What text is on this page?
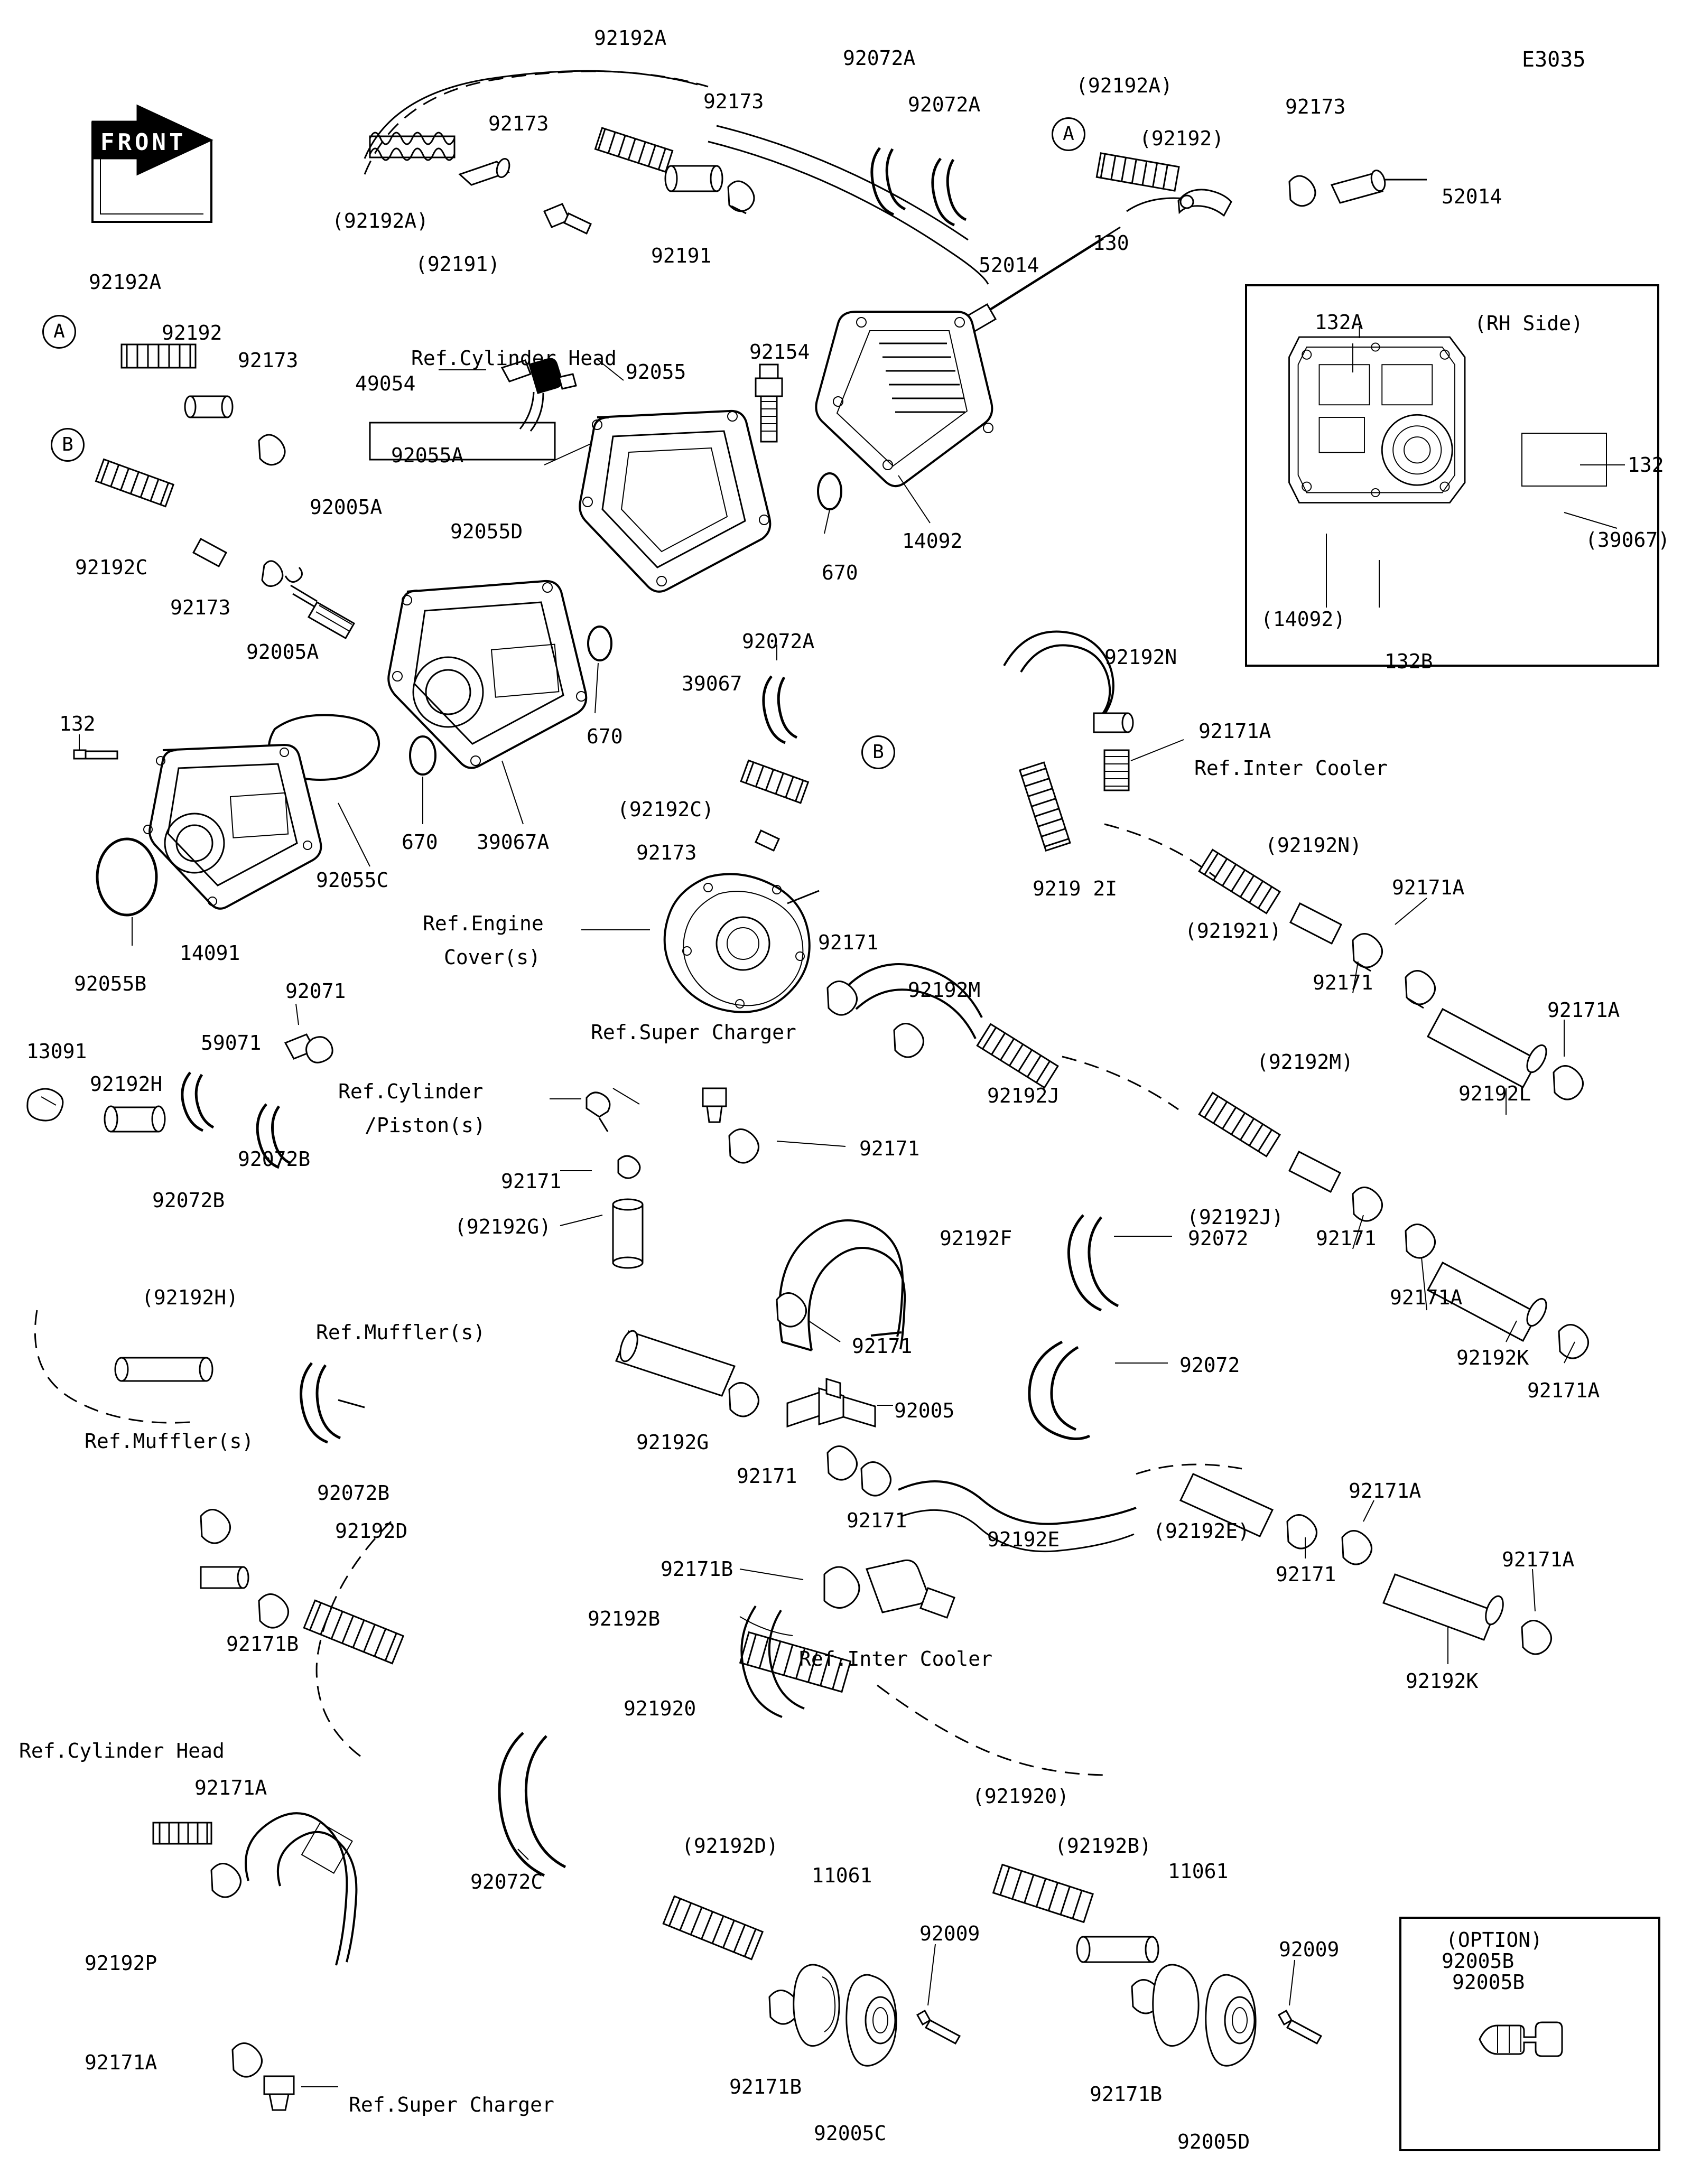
E3035
FRONT
(RH Side)
132A
132
(39067)
(14092)
132B
(OPTION)
92005B
92192A
92072A
(92192A)
92173
92173	92072A
(92192)
92173
52014
(92192A)
92191	52014
130
(92191)
92192A
Ref.Cylinder Head
92192
92173	92154
92055
49054
92055A
92005A
92055D
92192C
92173
92005A
670
14092
92072A
39067
670
132
670 39067A
92055C
(92192C)
92173
92192N
92171A
Ref.Inter Cooler
(92192N)
14091
92055B	92071
13091	59071
92192H
Ref.Engine
Cover(s)
92171
92192M
9219 2I	92171A
92171A
(921921)
92171
92192L
Ref.Super Charger
(92192M)
92192J
Ref.Cylinder
/Piston(s)
92171
92171
(92192G)	92192F	92072
(92192J)
92171
92171A
92192K
92171A
(92192H)
92072B
92072B
Ref.Muffler(s)
92171
92072
92005
92192G
92171
Ref.Muffler(s)
92072B
92192D	92171
92192E	(92192E)
92171A
92171
92171A
92171B
92192B
Ref.Inter Cooler
92192K
92171B
921920
Ref.Cylinder Head
92171A	(921920)
(92192D)	(92192B)
11061	11061
92072C
92009
92009
92192P
92171B	92171B
92171A
Ref.Super Charger
92005C	92005D
92005B
A
A
B
B
